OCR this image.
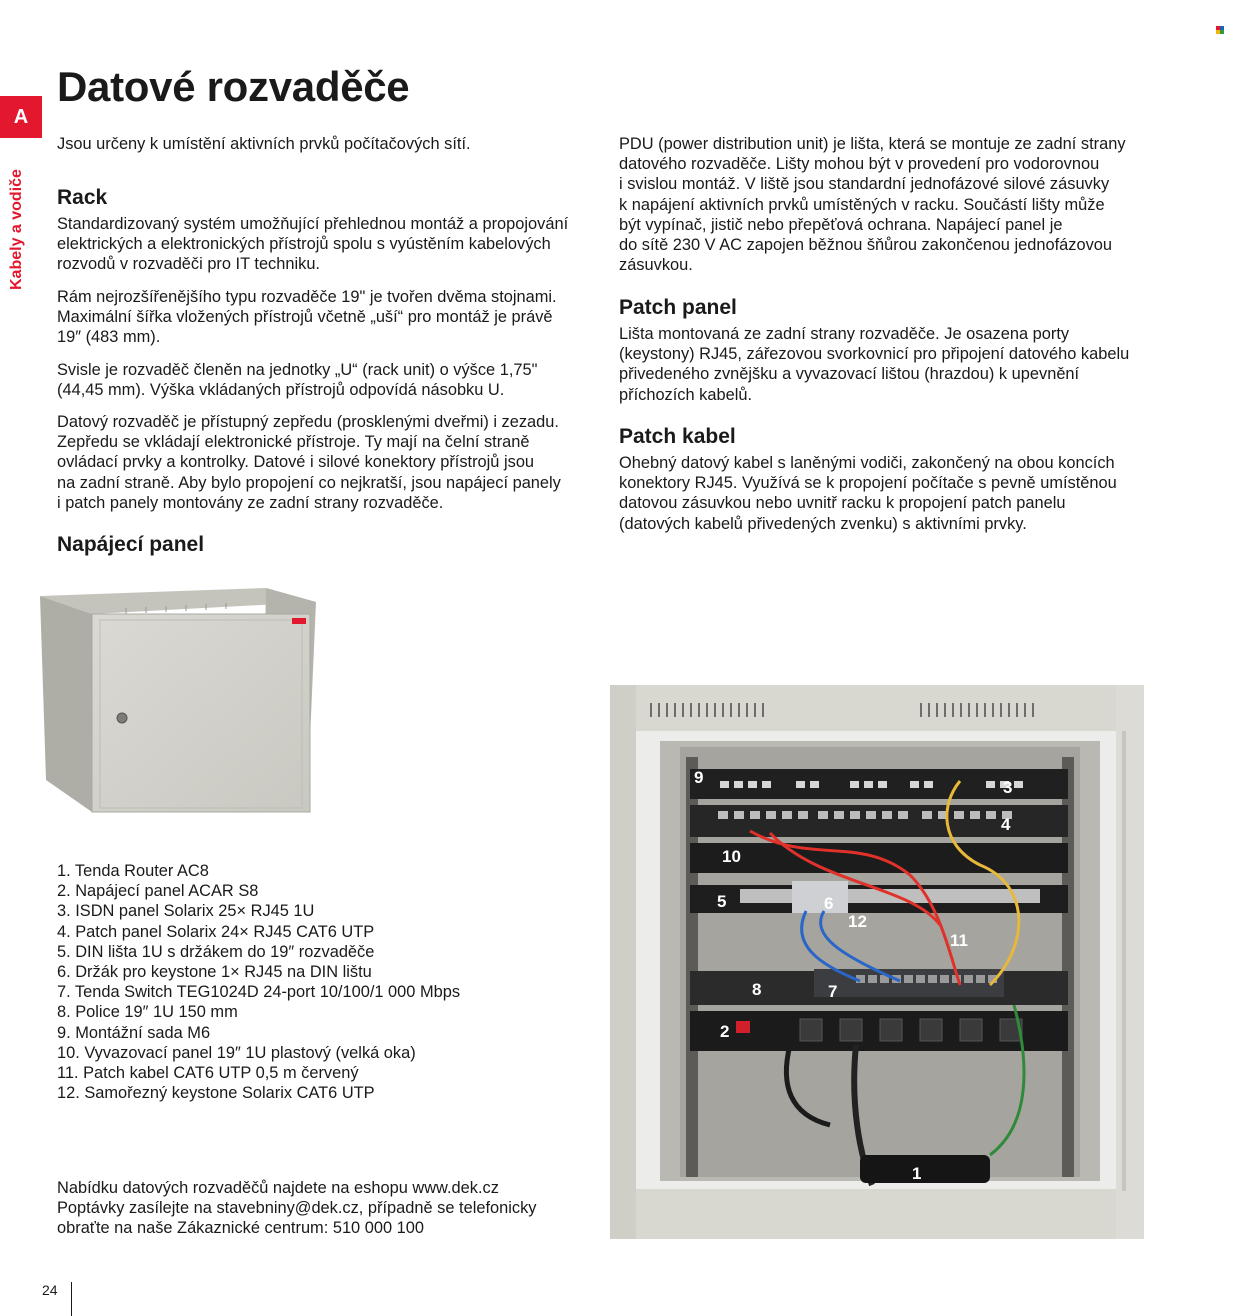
A
Kabely a vodiče
Datové rozvaděče

Jsou určeny k umístění aktivních prvků počítačových sítí.

Rack

Standardizovaný systém umožňující přehlednou montáž a propojování
elektrických a elektronických přístrojů spolu s vyústěním kabelových
rozvodů v rozvaděči pro IT techniku.

Rám nejrozšířenějšího typu rozvaděče 19" je tvořen dvěma stojnami.
Maximální šířka vložených přístrojů včetně „uší“ pro montáž je právě
19″ (483 mm).

Svisle je rozvaděč členěn na jednotky „U“ (rack unit) o výšce 1,75"
(44,45 mm). Výška vkládaných přístrojů odpovídá násobku U.

Datový rozvaděč je přístupný zepředu (prosklenými dveřmi) i zezadu.
Zepředu se vkládají elektronické přístroje. Ty mají na čelní straně
ovládací prvky a kontrolky. Datové i silové konektory přístrojů jsou
na zadní straně. Aby bylo propojení co nejkratší, jsou napájecí panely
i patch panely montovány ze zadní strany rozvaděče.

Napájecí panel

PDU (power distribution unit) je lišta, která se montuje ze zadní strany
datového rozvaděče. Lišty mohou být v provedení pro vodorovnou
i svislou montáž. V liště jsou standardní jednofázové silové zásuvky
k napájení aktivních prvků umístěných v racku. Součástí lišty může
být vypínač, jistič nebo přepěťová ochrana. Napájecí panel je
do sítě 230 V AC zapojen běžnou šňůrou zakončenou jednofázovou
zásuvkou.

Patch panel

Lišta montovaná ze zadní strany rozvaděče. Je osazena porty
(keystony) RJ45, zářezovou svorkovnicí pro připojení datového kabelu
přivedeného zvnějšku a vyvazovací lištou (hrazdou) k upevnění
příchozích kabelů.

Patch kabel

Ohebný datový kabel s laněnými vodiči, zakončený na obou koncích
konektory RJ45. Využívá se k propojení počítače s pevně umístěnou
datovou zásuvkou nebo uvnitř racku k propojení patch panelu
(datových kabelů přivedených zvenku) s aktivními prvky.

1. Tenda Router AC8
2. Napájecí panel ACAR S8
3. ISDN panel Solarix 25× RJ45 1U
4. Patch panel Solarix 24× RJ45 CAT6 UTP
5. DIN lišta 1U s držákem do 19″ rozvaděče
6. Držák pro keystone 1× RJ45 na DIN lištu
7. Tenda Switch TEG1024D 24-port 10/100/1 000 Mbps
8. Police 19″ 1U 150 mm
9. Montážní sada M6
10. Vyvazovací panel 19″ 1U plastový (velká oka)
11. Patch kabel CAT6 UTP 0,5 m červený
12. Samořezný keystone Solarix CAT6 UTP

Nabídku datových rozvaděčů najdete na eshopu www.dek.cz
Poptávky zasílejte na stavebniny@dek.cz, případně se telefonicky
obraťte na naše Zákaznické centrum: 510 000 100

9
3
4
10
5	6
12
11
8	7
2
1
24
